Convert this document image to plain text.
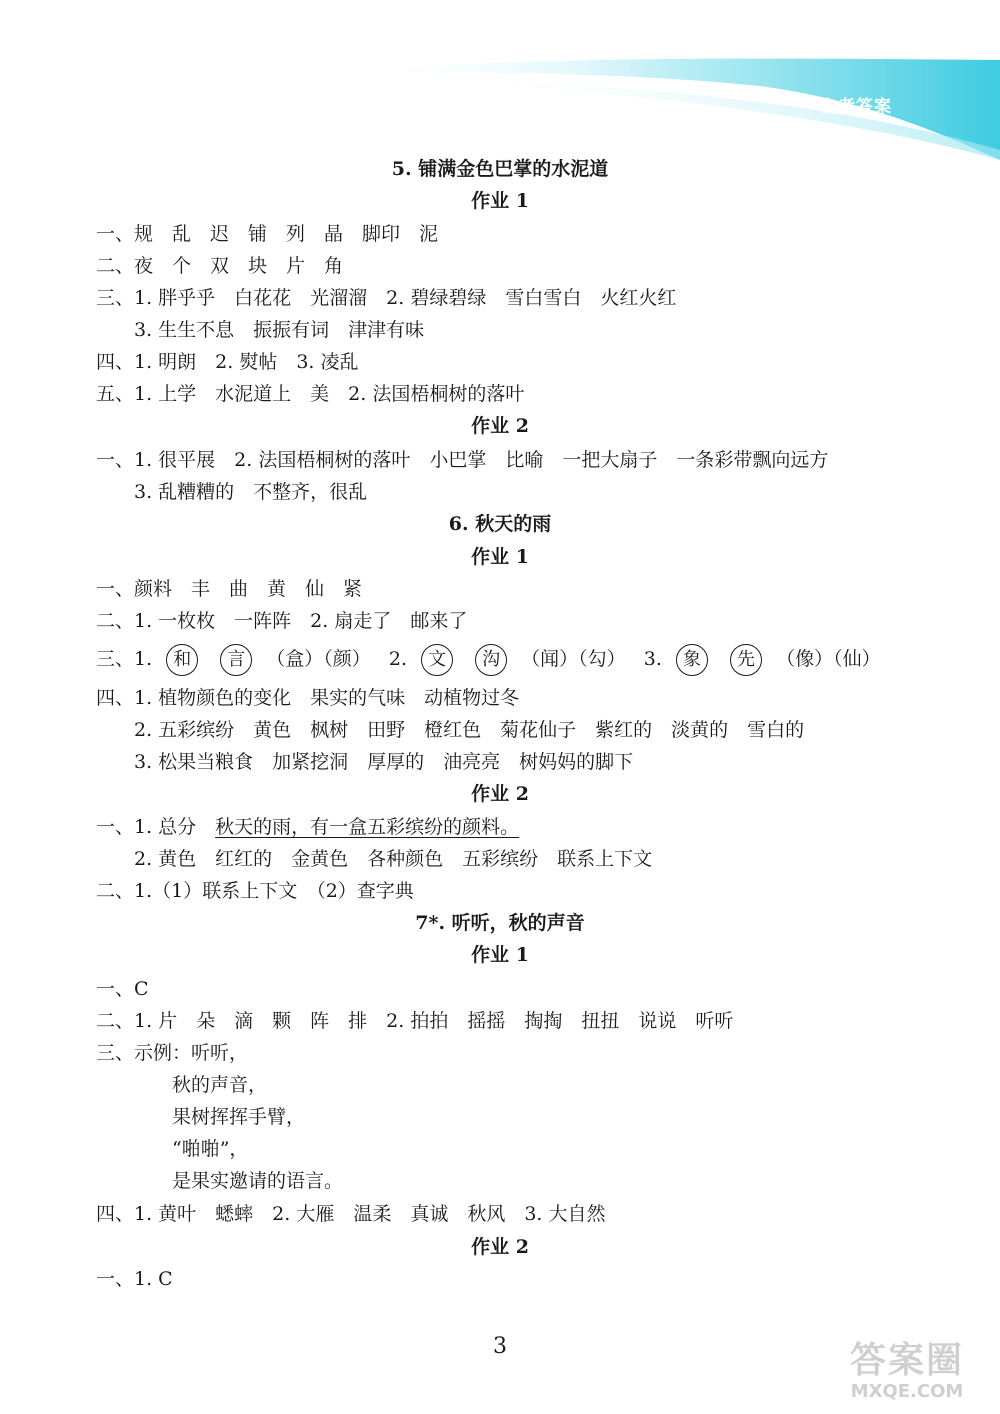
参考答案
5. 铺满金色巴掌的水泥道
作业 1
一、规　乱　迟　铺　列　晶　脚印　泥
二、夜　个　双　块　片　角
三、1. 胖乎乎　白花花　光溜溜　2. 碧绿碧绿　雪白雪白　火红火红
3. 生生不息　振振有词　津津有味
四、1. 明朗　2. 熨帖　3. 凌乱
五、1. 上学　水泥道上　美　2. 法国梧桐树的落叶
作业 2
一、1. 很平展　2. 法国梧桐树的落叶　小巴掌　比喻　一把大扇子　一条彩带飘向远方
3. 乱糟糟的　不整齐，很乱
6. 秋天的雨
作业 1
一、颜料　丰　曲　黄　仙　紧
二、1. 一枚枚　一阵阵　2. 扇走了　邮来了
三、1. 和 言 （盒）（颜） 2. 文 沟 （闻）（勾） 3. 象 先 （像）（仙）
四、1. 植物颜色的变化　果实的气味　动植物过冬
2. 五彩缤纷　黄色　枫树　田野　橙红色　菊花仙子　紫红的　淡黄的　雪白的
3. 松果当粮食　加紧挖洞　厚厚的　油亮亮　树妈妈的脚下
作业 2
一、1. 总分　秋天的雨，有一盒五彩缤纷的颜料。
2. 黄色　红红的　金黄色　各种颜色　五彩缤纷　联系上下文
二、1.（1）联系上下文　（2）查字典
7*. 听听，秋的声音
作业 1
一、C
二、1. 片　朵　滴　颗　阵　排　2. 拍拍　摇摇　掏掏　扭扭　说说　听听
三、示例：听听，
秋的声音，
果树挥挥手臂，
“啪啪”，
是果实邀请的语言。
四、1. 黄叶　蟋蟀　2. 大雁　温柔　真诚　秋风　3. 大自然
作业 2
一、1. C
3	答案圈
MXQE.COM
